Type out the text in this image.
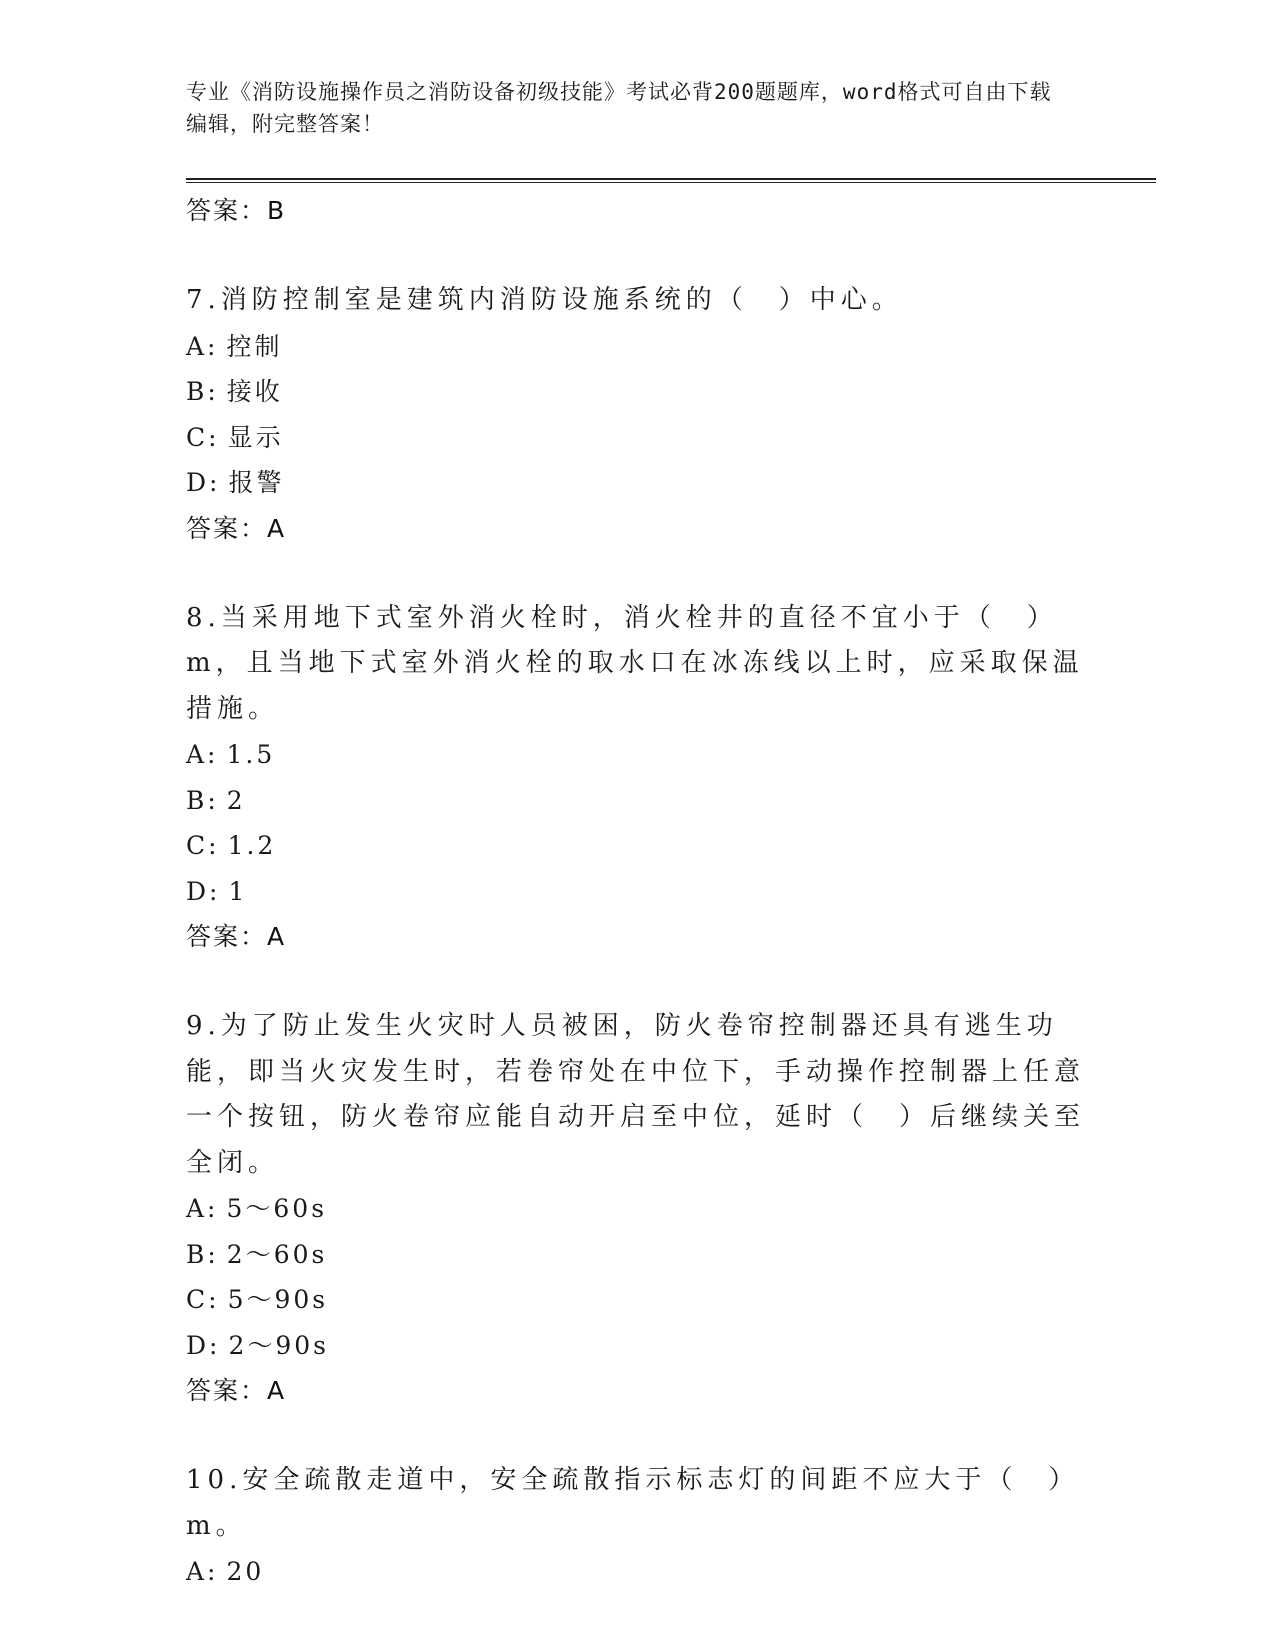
专业《消防设施操作员之消防设备初级技能》考试必背200题题库，word格式可自由下载编辑，附完整答案！
答案：B
7.消防控制室是建筑内消防设施系统的（　）中心。
A: 控制
B: 接收
C: 显示
D: 报警
答案：A
8.当采用地下式室外消火栓时，消火栓井的直径不宜小于（　）m，且当地下式室外消火栓的取水口在冰冻线以上时，应采取保温措施。
A: 1.5
B: 2
C: 1.2
D: 1
答案：A
9.为了防止发生火灾时人员被困，防火卷帘控制器还具有逃生功能，即当火灾发生时，若卷帘处在中位下，手动操作控制器上任意一个按钮，防火卷帘应能自动开启至中位，延时（　）后继续关至全闭。
A: 5～60s
B: 2～60s
C: 5～90s
D: 2～90s
答案：A
10.安全疏散走道中，安全疏散指示标志灯的间距不应大于（　）m。
A: 20
